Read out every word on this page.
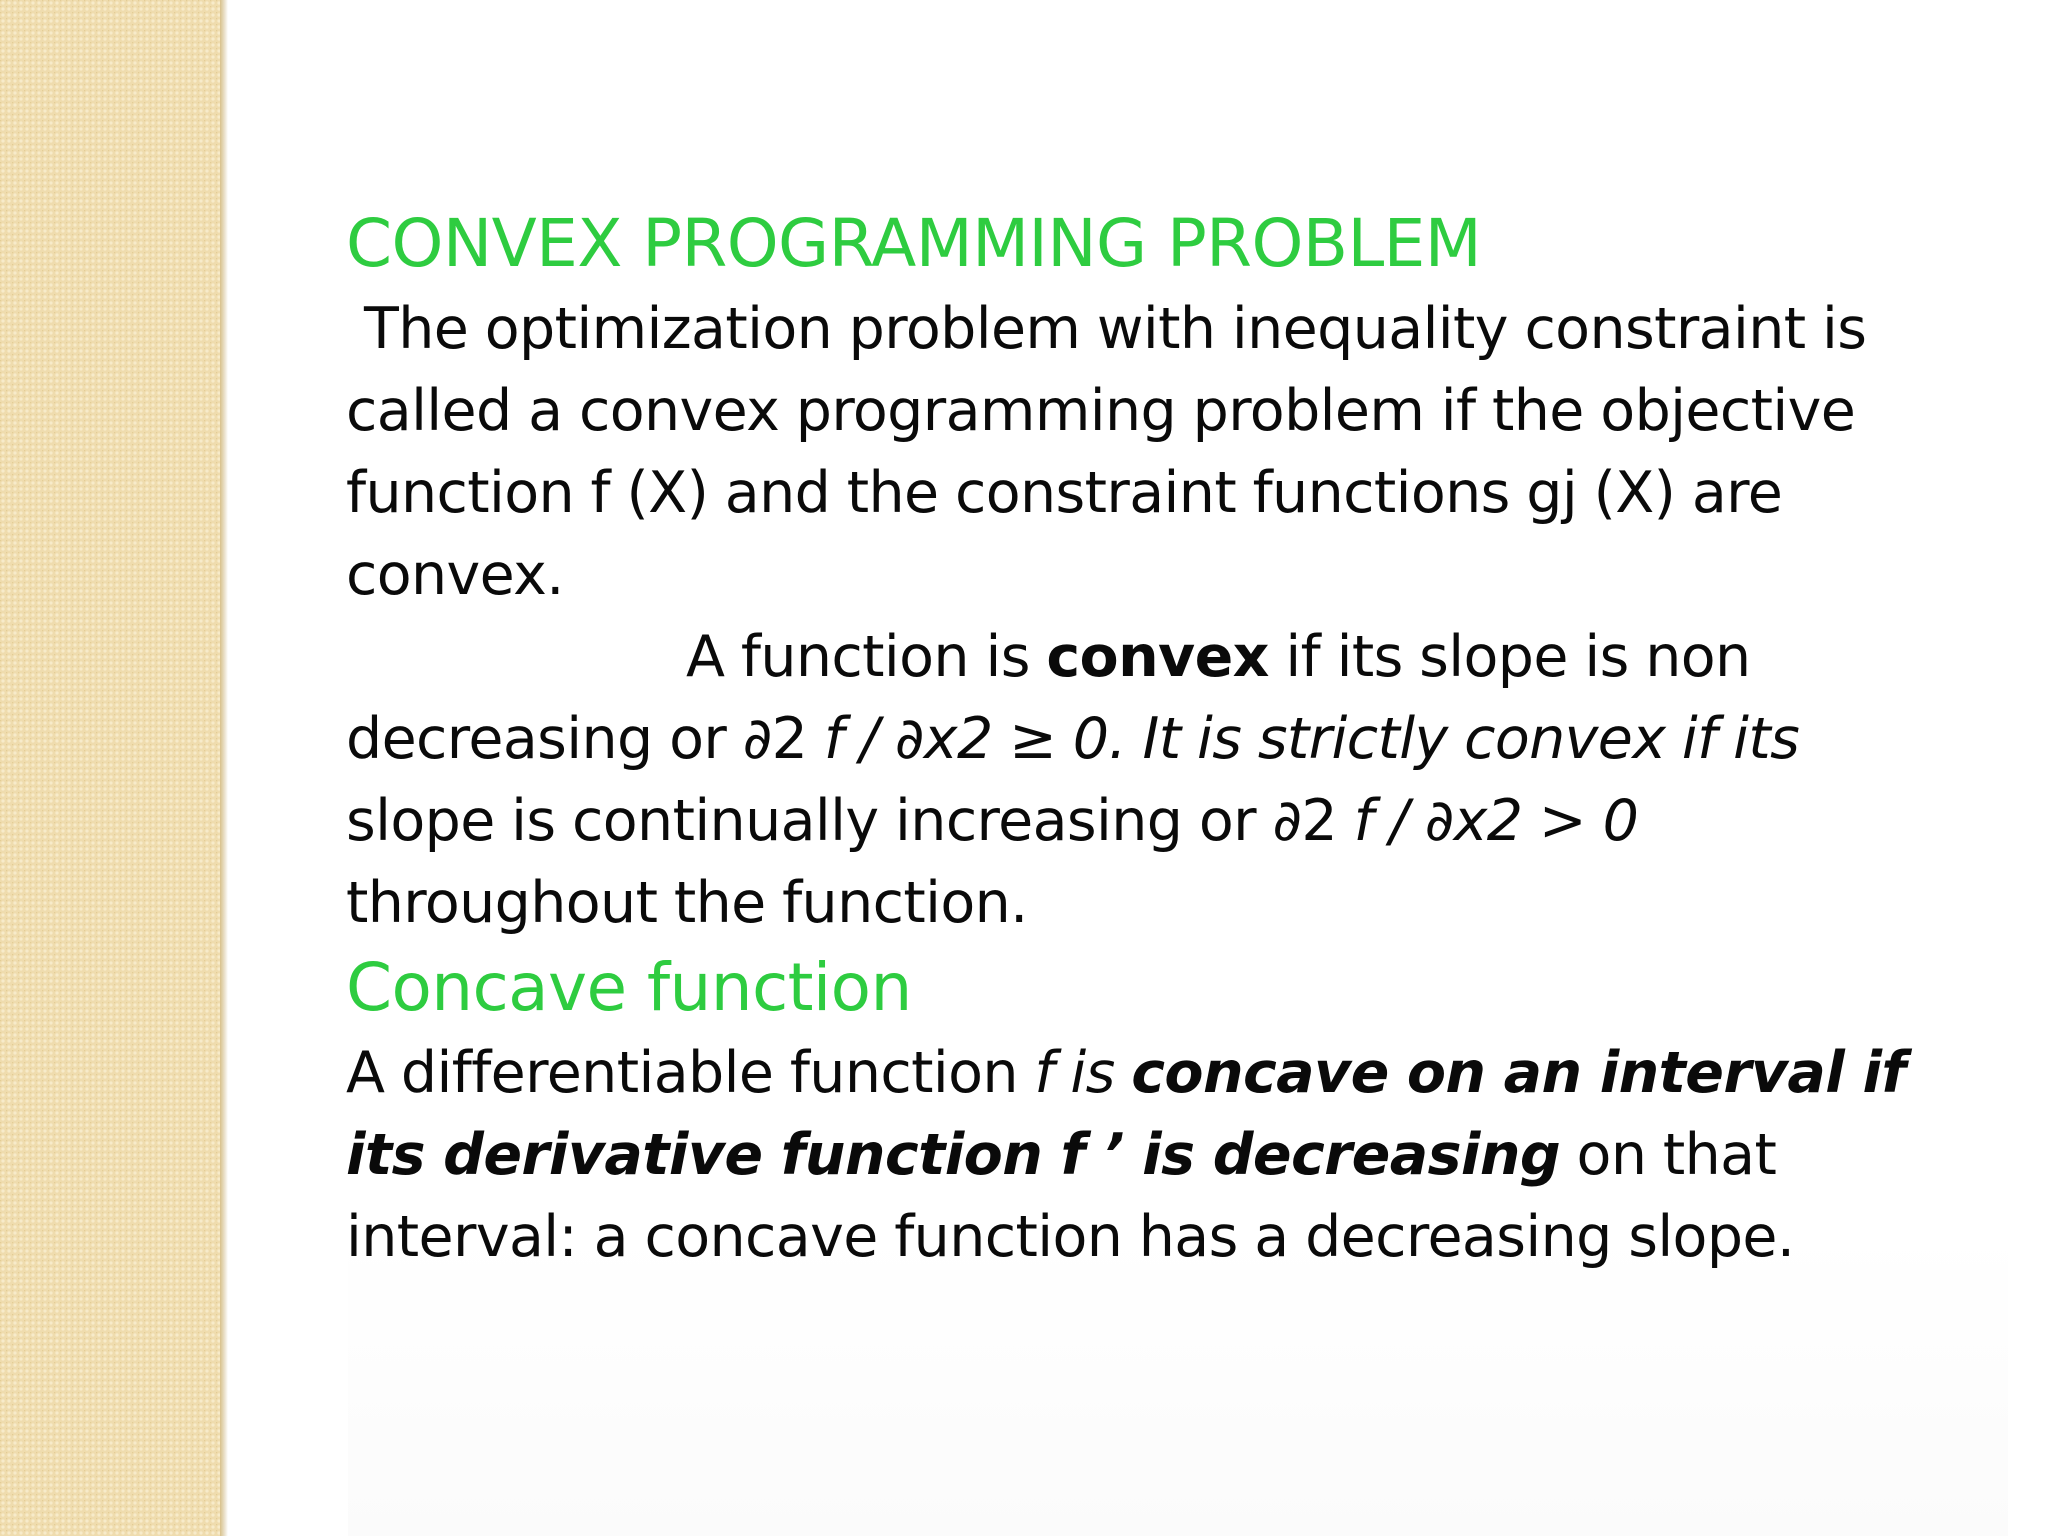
CONVEX PROGRAMMING PROBLEM

The optimization problem with inequality constraint is called a convex programming problem if the objective function f (X) and the constraint functions gj (X) are convex.

A function is convex if its slope is non decreasing or ∂2 f / ∂x2 ≥ 0. It is strictly convex if its slope is continually increasing or ∂2 f / ∂x2 > 0 throughout the function.

Concave function

A differentiable function f is concave on an interval if its derivative function f ’ is decreasing on that interval: a concave function has a decreasing slope.
